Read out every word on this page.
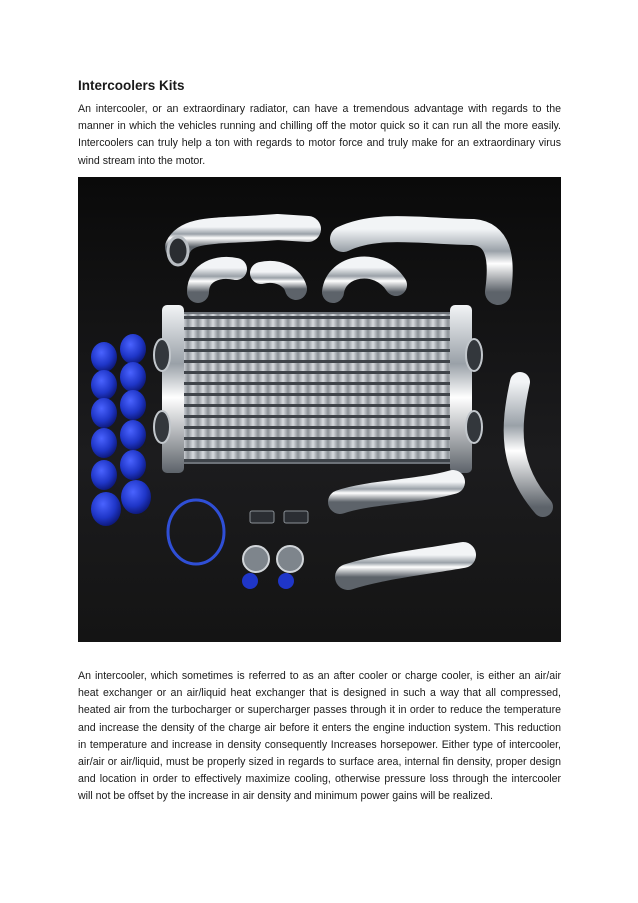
Intercoolers Kits

An intercooler, or an extraordinary radiator, can have a tremendous advantage with regards to the manner in which the vehicles running and chilling off the motor quick so it can run all the more easily. Intercoolers can truly help a ton with regards to motor force and truly make for an extraordinary virus wind stream into the motor.

An intercooler, which sometimes is referred to as an after cooler or charge cooler, is either an air/air heat exchanger or an air/liquid heat exchanger that is designed in such a way that all compressed, heated air from the turbocharger or supercharger passes through it in order to reduce the temperature and increase the density of the charge air before it enters the engine induction system. This reduction in temperature and increase in density consequently Increases horsepower. Either type of intercooler, air/air or air/liquid, must be properly sized in regards to surface area, internal fin density, proper design and location in order to effectively maximize cooling, otherwise pressure loss through the intercooler will not be offset by the increase in air density and minimum power gains will be realized.
